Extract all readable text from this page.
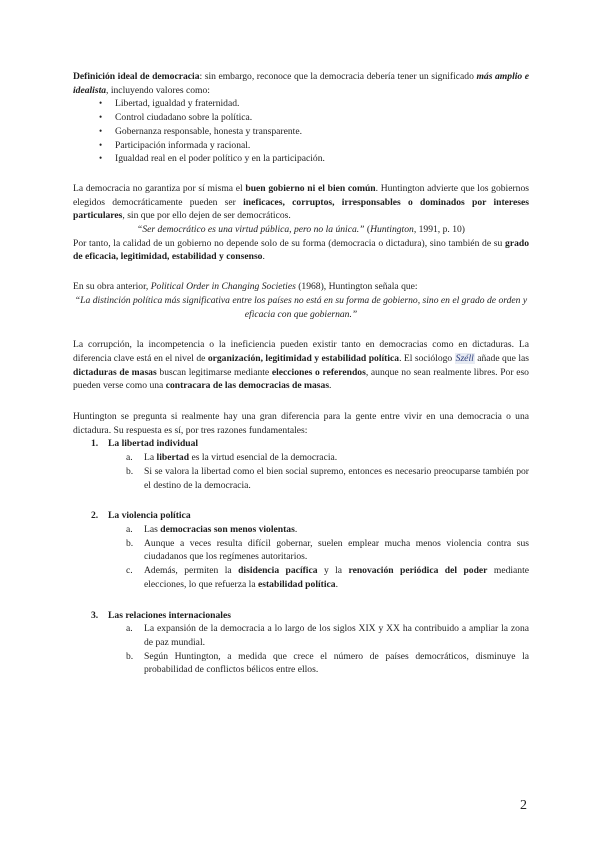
Definición ideal de democracia: sin embargo, reconoce que la democracia debería tener un significado más amplio e idealista, incluyendo valores como:

• Libertad, igualdad y fraternidad.
• Control ciudadano sobre la política.
• Gobernanza responsable, honesta y transparente.
• Participación informada y racional.
• Igualdad real en el poder político y en la participación.

La democracia no garantiza por sí misma el buen gobierno ni el bien común. Huntington advierte que los gobiernos elegidos democráticamente pueden ser ineficaces, corruptos, irresponsables o dominados por intereses particulares, sin que por ello dejen de ser democráticos.

“Ser democrático es una virtud pública, pero no la única.” (Huntington, 1991, p. 10)

Por tanto, la calidad de un gobierno no depende solo de su forma (democracia o dictadura), sino también de su grado de eficacia, legitimidad, estabilidad y consenso.

En su obra anterior, Political Order in Changing Societies (1968), Huntington señala que:

“La distinción política más significativa entre los países no está en su forma de gobierno, sino en el grado de orden y eficacia con que gobiernan.”

La corrupción, la incompetencia o la ineficiencia pueden existir tanto en democracias como en dictaduras. La diferencia clave está en el nivel de organización, legitimidad y estabilidad política. El sociólogo Széll añade que las dictaduras de masas buscan legitimarse mediante elecciones o referendos, aunque no sean realmente libres. Por eso pueden verse como una contracara de las democracias de masas.

Huntington se pregunta si realmente hay una gran diferencia para la gente entre vivir en una democracia o una dictadura. Su respuesta es sí, por tres razones fundamentales:

1. La libertad individual
a. La libertad es la virtud esencial de la democracia.
b. Si se valora la libertad como el bien social supremo, entonces es necesario preocuparse también por el destino de la democracia.
2. La violencia política
a. Las democracias son menos violentas.
b. Aunque a veces resulta difícil gobernar, suelen emplear mucha menos violencia contra sus ciudadanos que los regímenes autoritarios.
c. Además, permiten la disidencia pacífica y la renovación periódica del poder mediante elecciones, lo que refuerza la estabilidad política.
3. Las relaciones internacionales
a. La expansión de la democracia a lo largo de los siglos XIX y XX ha contribuido a ampliar la zona de paz mundial.
b. Según Huntington, a medida que crece el número de países democráticos, disminuye la probabilidad de conflictos bélicos entre ellos.
2
